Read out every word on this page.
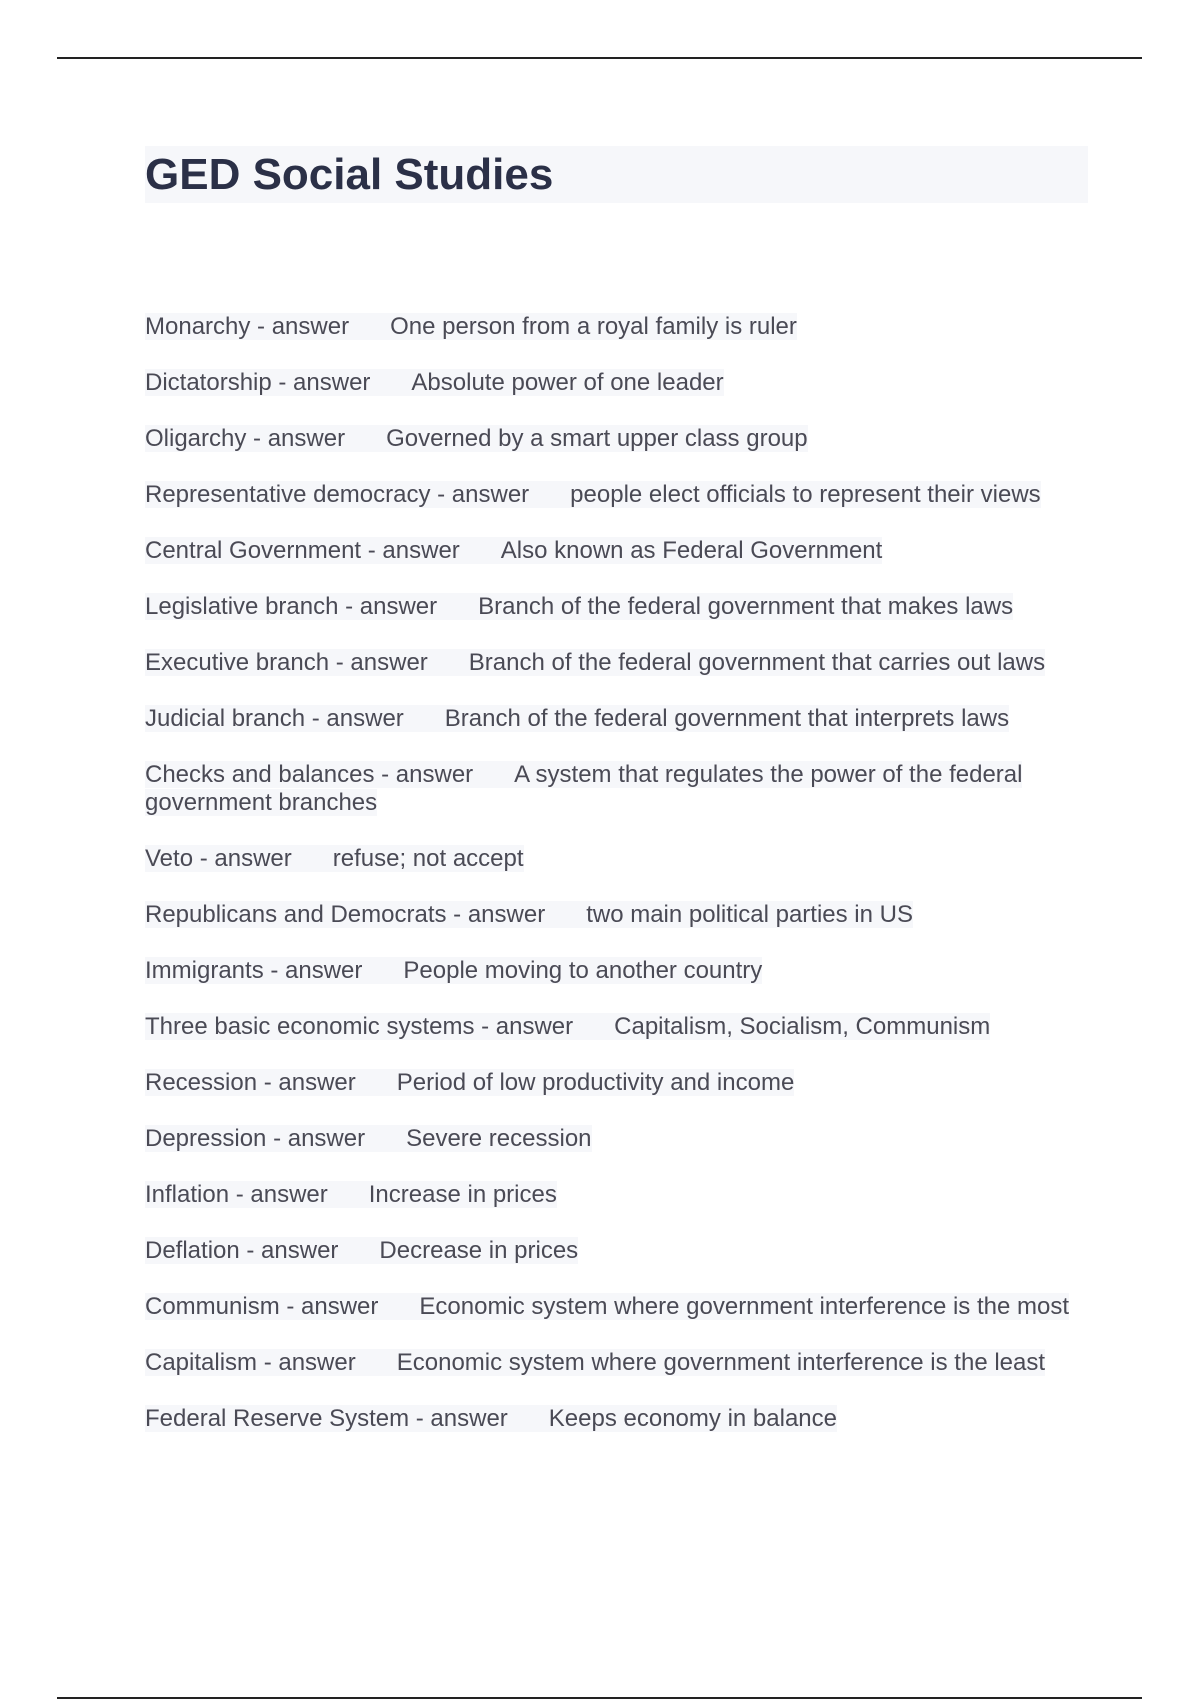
GED Social Studies
Monarchy - answer One person from a royal family is ruler
Dictatorship - answer Absolute power of one leader
Oligarchy - answer Governed by a smart upper class group
Representative democracy - answer people elect officials to represent their views
Central Government - answer Also known as Federal Government
Legislative branch - answer Branch of the federal government that makes laws
Executive branch - answer Branch of the federal government that carries out laws
Judicial branch - answer Branch of the federal government that interprets laws
Checks and balances - answer A system that regulates the power of the federal government branches
Veto - answer refuse; not accept
Republicans and Democrats - answer two main political parties in US
Immigrants - answer People moving to another country
Three basic economic systems - answer Capitalism, Socialism, Communism
Recession - answer Period of low productivity and income
Depression - answer Severe recession
Inflation - answer Increase in prices
Deflation - answer Decrease in prices
Communism - answer Economic system where government interference is the most
Capitalism - answer Economic system where government interference is the least
Federal Reserve System - answer Keeps economy in balance
